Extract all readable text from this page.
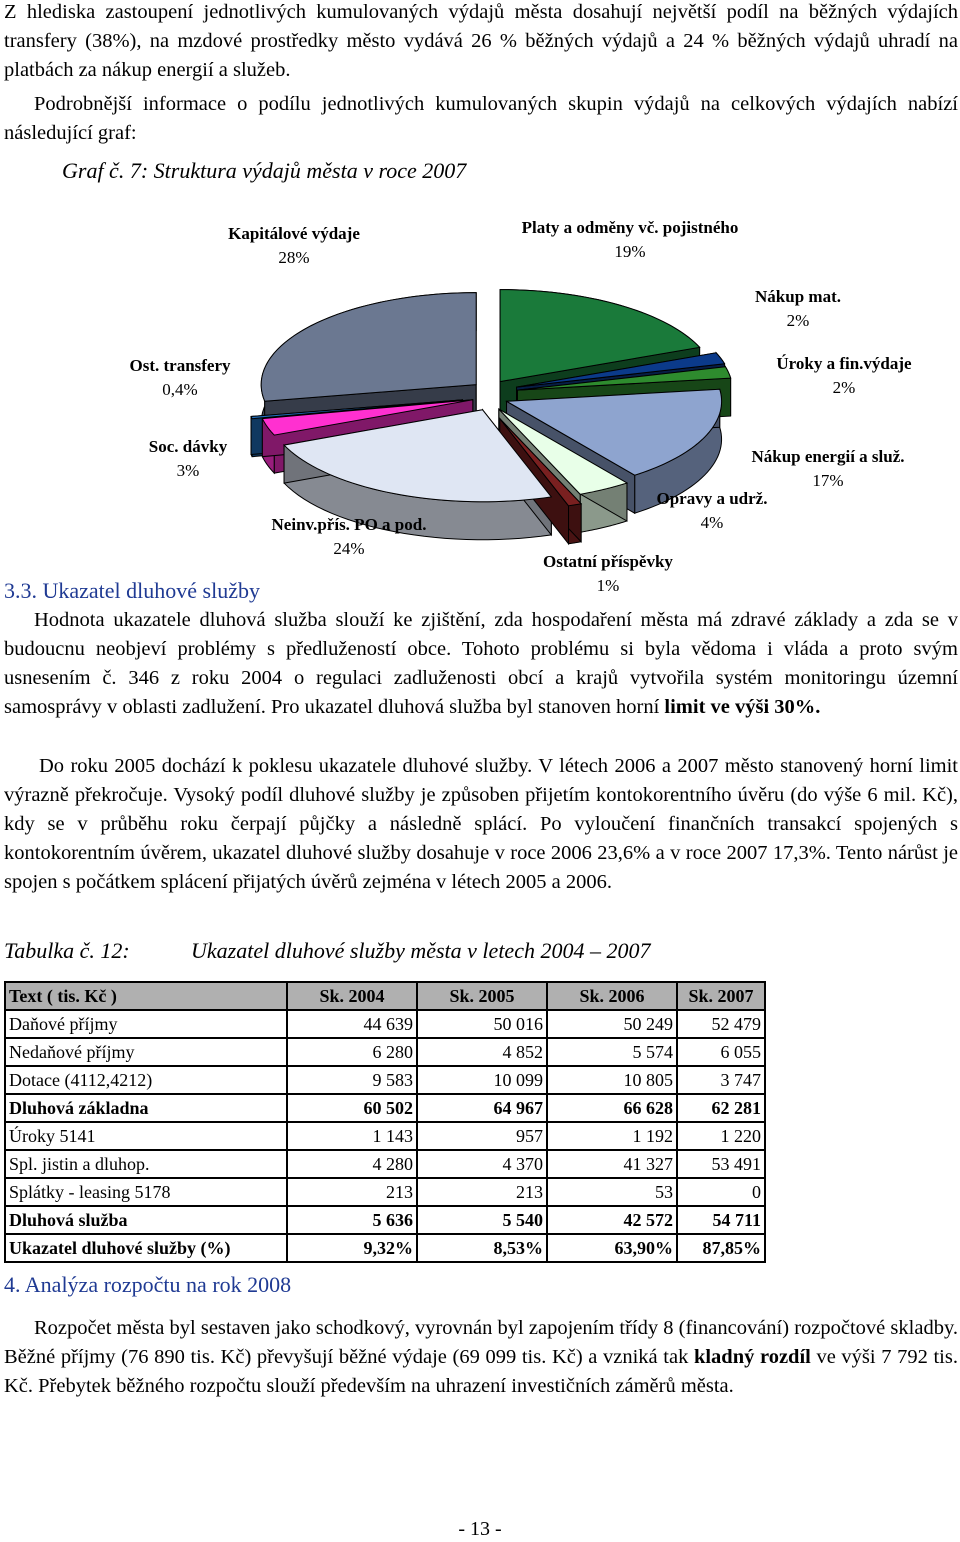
Z hlediska zastoupení jednotlivých kumulovaných výdajů města dosahují největší podíl na běžných výdajích transfery (38%), na mzdové prostředky město vydává 26 % běžných výdajů a 24 % běžných výdajů uhradí na platbách za nákup energií a služeb.

Podrobnější informace o podílu jednotlivých kumulovaných skupin výdajů na celkových výdajích nabízí následující graf:

Graf č. 7: Struktura výdajů města v roce 2007

Platy a odměny vč. pojistného
19%
Nákup mat.
2%
Úroky a fin.výdaje
2%
Nákup energií a služ.
17%
Opravy a udrž.
4%
Ostatní příspěvky
1%
Neinv.přís. PO a pod.
24%
Soc. dávky
3%
Ost. transfery
0,4%
Kapitálové výdaje
28%

3.3. Ukazatel dluhové služby

Hodnota ukazatele dluhová služba slouží ke zjištění, zda hospodaření města má zdravé základy a zda se v budoucnu neobjeví problémy s předlužeností obce. Tohoto problému si byla vědoma i vláda a proto svým usnesením č. 346 z roku 2004 o regulaci zadluženosti obcí a krajů vytvořila systém monitoringu územní samosprávy v oblasti zadlužení. Pro ukazatel dluhová služba byl stanoven horní limit ve výši 30%.

Do roku 2005 dochází k poklesu ukazatele dluhové služby. V létech 2006 a 2007 město stanovený horní limit výrazně překročuje. Vysoký podíl dluhové služby je způsoben přijetím kontokorentního úvěru (do výše 6 mil. Kč), kdy se v průběhu roku čerpají půjčky a následně splácí. Po vyloučení finančních transakcí spojených s kontokorentním úvěrem, ukazatel dluhové služby dosahuje v roce 2006 23,6% a v roce 2007 17,3%. Tento nárůst je spojen s počátkem splácení přijatých úvěrů zejména v létech 2005 a 2006.

Tabulka č. 12:	Ukazatel dluhové služby města v letech 2004 – 2007

Text ( tis. Kč )	Sk. 2004	Sk. 2005	Sk. 2006	Sk. 2007
Daňové příjmy	44 639	50 016	50 249	52 479
Nedaňové příjmy	6 280	4 852	5 574	6 055
Dotace (4112,4212)	9 583	10 099	10 805	3 747
Dluhová základna	60 502	64 967	66 628	62 281
Úroky 5141	1 143	957	1 192	1 220
Spl. jistin a dluhop.	4 280	4 370	41 327	53 491
Splátky - leasing 5178	213	213	53	0
Dluhová služba	5 636	5 540	42 572	54 711
Ukazatel dluhové služby (%)	9,32%	8,53%	63,90%	87,85%

4. Analýza rozpočtu na rok 2008

Rozpočet města byl sestaven jako schodkový, vyrovnán byl zapojením třídy 8 (financování) rozpočtové skladby. Běžné příjmy (76 890 tis. Kč) převyšují běžné výdaje (69 099 tis. Kč) a vzniká tak kladný rozdíl ve výši 7 792 tis. Kč. Přebytek běžného rozpočtu slouží především na uhrazení investičních záměrů města.

- 13 -
